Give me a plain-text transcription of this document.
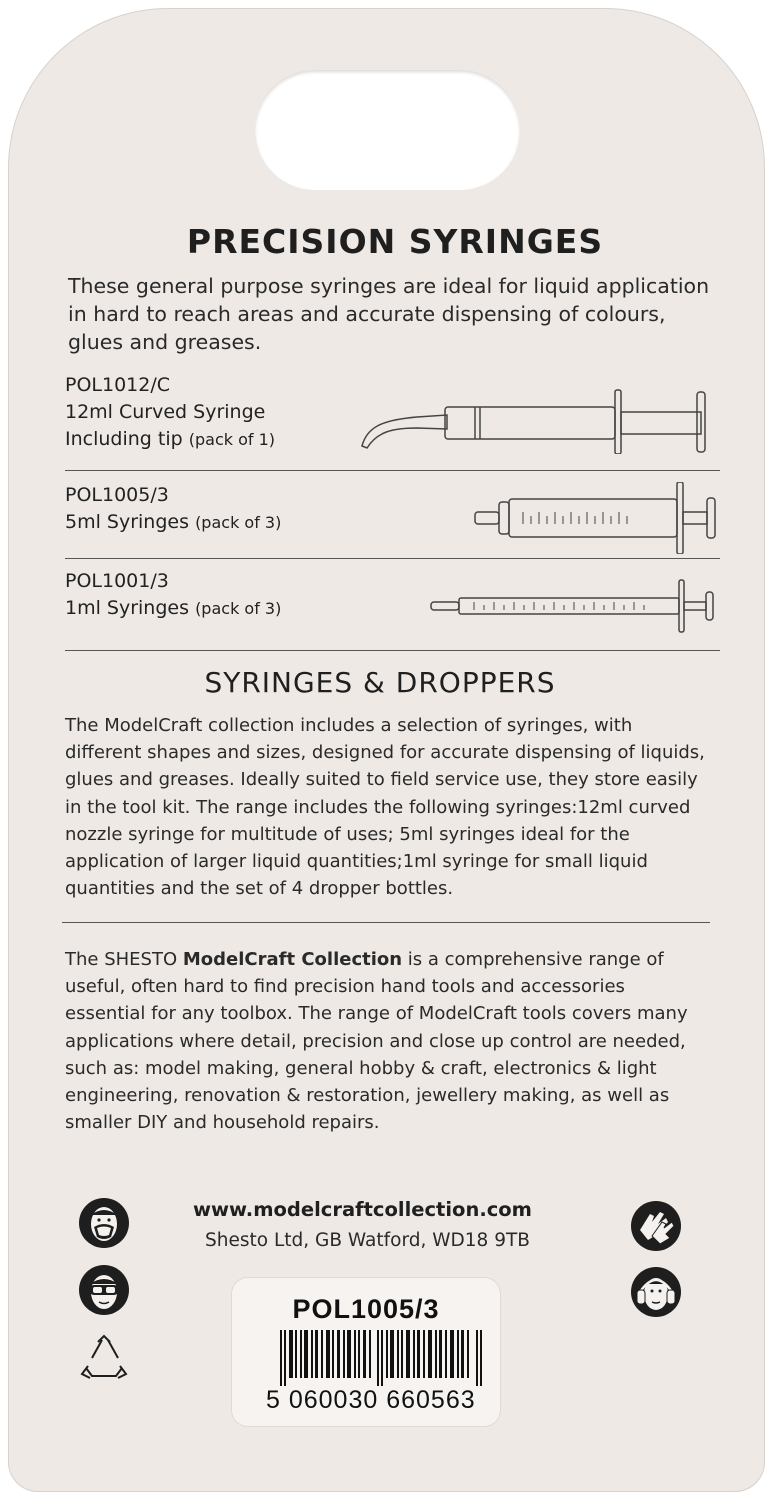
PRECISION SYRINGES

These general purpose syringes are ideal for liquid application in hard to reach areas and accurate dispensing of colours, glues and greases.

POL1012/C
12ml Curved Syringe
Including tip (pack of 1)
POL1005/3
5ml Syringes (pack of 3)
POL1001/3
1ml Syringes (pack of 3)
SYRINGES & DROPPERS

The ModelCraft collection includes a selection of syringes, with different shapes and sizes, designed for accurate dispensing of liquids, glues and greases. Ideally suited to field service use, they store easily in the tool kit. The range includes the following syringes:12ml curved nozzle syringe for multitude of uses; 5ml syringes ideal for the application of larger liquid quantities;1ml syringe for small liquid quantities and the set of 4 dropper bottles.

The SHESTO ModelCraft Collection is a comprehensive range of useful, often hard to find precision hand tools and accessories essential for any toolbox. The range of ModelCraft tools covers many applications where detail, precision and close up control are needed, such as: model making, general hobby & craft, electronics & light engineering, renovation & restoration, jewellery making, as well as smaller DIY and household repairs.

www.modelcraftcollection.com
Shesto Ltd, GB Watford, WD18 9TB
POL1005/3
5 060030 660563
